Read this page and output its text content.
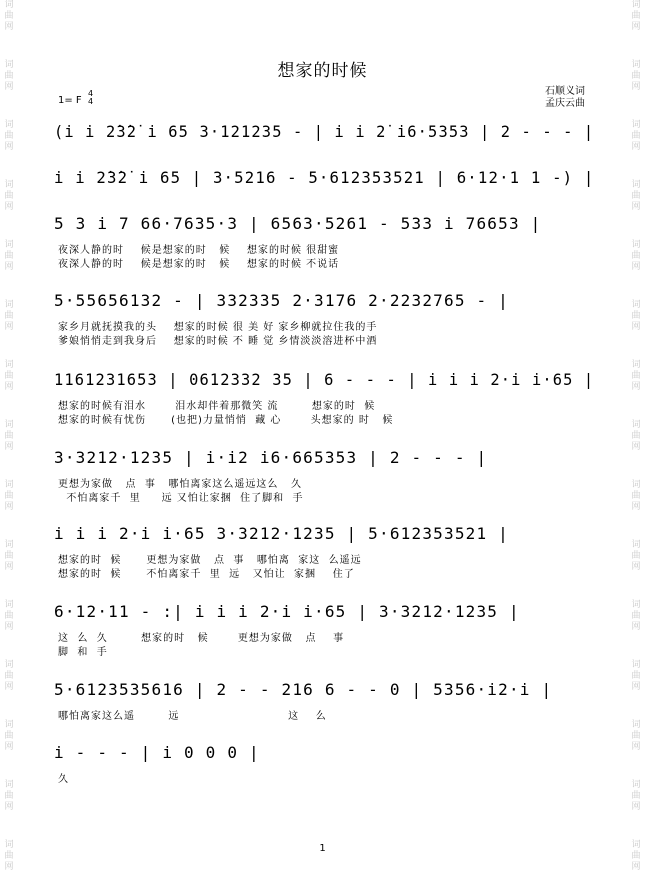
词曲网
词曲网
词曲网
词曲网
词曲网
词曲网
词曲网
词曲网
词曲网
词曲网
词曲网
词曲网
词曲网
词曲网
词曲网
词曲网
词曲网
词曲网
词曲网
词曲网
词曲网
词曲网
词曲网
词曲网
词曲网
词曲网
词曲网
词曲网
词曲网
词曲网
想家的时候
石顺义词
孟庆云曲
1= F
4
4
(i i 2̇3̇2̇ i 65 3·121235 - | i i 2̇ i6·5353 | 2 - - - |
i i 2̇3̇2̇ i 65 | 3·5216 - 5·612353521 | 6·12·1 1 -) |
5 3 i 7 66·7635·3 | 6563·5261 - 533 i 76653 |
夜深人静的时    候是想家的时   候    想家的时候 很甜蜜
夜深人静的时    候是想家的时   候    想家的时候 不说话
5·55656132 - | 332335 2·3176 2·2232765 - |
家乡月就抚摸我的头    想家的时候 很 美 好 家乡柳就拉住我的手
爹娘悄悄走到我身后    想家的时候 不 睡 觉 乡情淡淡溶进杯中酒
1161231653 | 0612332 35 | 6 - - - | i i i 2·i i·65 |
想家的时候有泪水       泪水却伴着那微笑 流        想家的时  候
想家的时候有忧伤      (也把)力量悄悄  藏 心       头想家的 时   候
3·3212·1235 | i·i2 i6·665353 | 2 - - - |
更想为家做   点  事   哪怕离家这么遥远这么   久
不怕离家千  里     远 又怕让家捆  住了脚和  手
i i i 2·i i·65 3·3212·1235 | 5·612353521 |
想家的时  候      更想为家做   点  事   哪怕离  家这  么遥远
想家的时  候      不怕离家千  里  远   又怕让  家捆    住了
6·12·11 - :| i i i 2·i i·65 | 3·3212·1235 |
这  么  久        想家的时   候       更想为家做   点    事
脚  和  手
5·6123535616 | 2 - - 216 6 - - 0 | 5356·i2·i |
哪怕离家这么遥        远                          这    么
i - - - | i 0 0 0 |
久
1
